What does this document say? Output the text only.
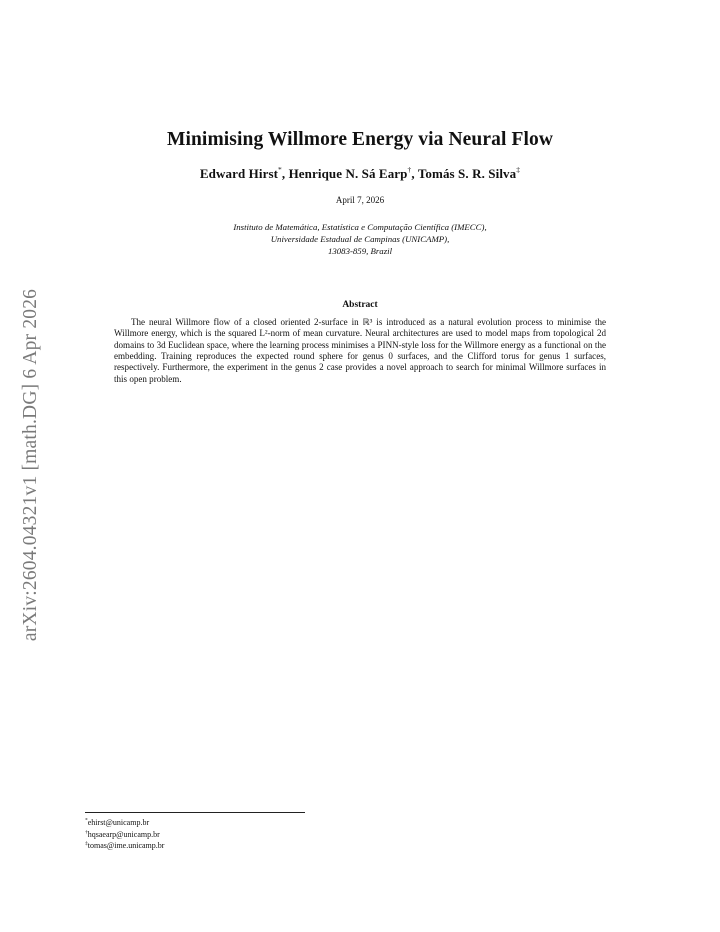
arXiv:2604.04321v1 [math.DG] 6 Apr 2026
Minimising Willmore Energy via Neural Flow
Edward Hirst*, Henrique N. Sá Earp†, Tomás S. R. Silva‡
April 7, 2026
Instituto de Matemática, Estatística e Computação Científica (IMECC),
Universidade Estadual de Campinas (UNICAMP),
13083-859, Brazil
Abstract
The neural Willmore flow of a closed oriented 2-surface in ℝ³ is introduced as a natural evolution process to minimise the Willmore energy, which is the squared L²-norm of mean curvature. Neural architectures are used to model maps from topological 2d domains to 3d Euclidean space, where the learning process minimises a PINN-style loss for the Willmore energy as a functional on the embedding. Training reproduces the expected round sphere for genus 0 surfaces, and the Clifford torus for genus 1 surfaces, respectively. Furthermore, the experiment in the genus 2 case provides a novel approach to search for minimal Willmore surfaces in this open problem.
*ehirst@unicamp.br
†hqsaearp@unicamp.br
‡tomas@ime.unicamp.br
